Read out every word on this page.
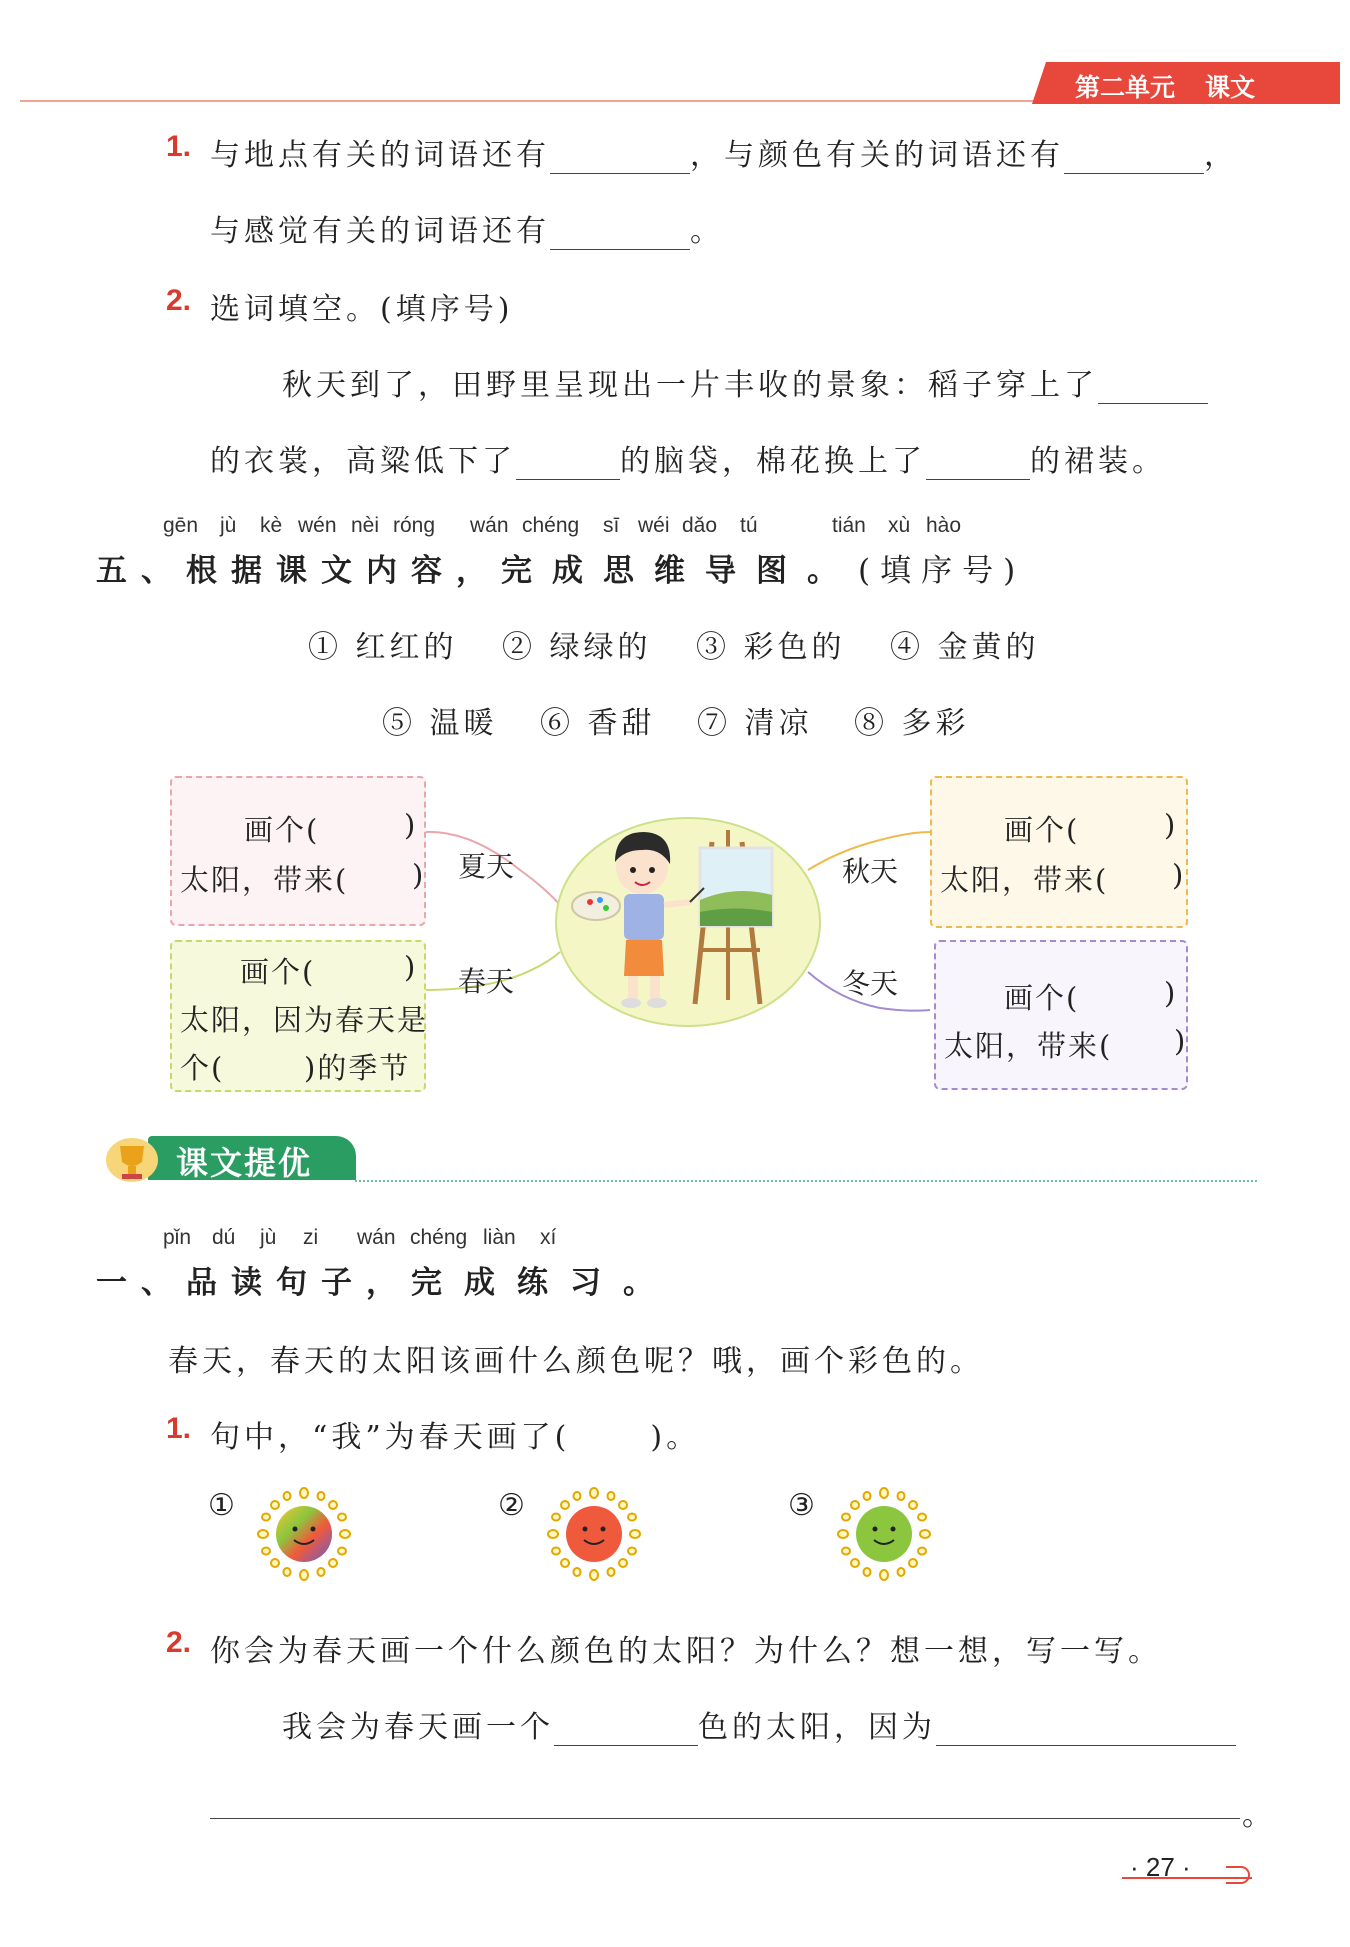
第二单元 课文
1. 与地点有关的词语还有	，与颜色有关的词语还有	，
与感觉有关的词语还有	。
2. 选词填空。(填序号)
秋天到了，田野里呈现出一片丰收的景象：稻子穿上了
的衣裳，高粱低下了	的脑袋，棉花换上了	的裙装。
gēn jù kè wén nèi róng wán chéng sī wéi dǎo tú	tián xù hào
五、根据课文内容，完成思维导图。(填序号)
① 红红的 ② 绿绿的 ③ 彩色的 ④ 金黄的
⑤ 温暖 ⑥ 香甜 ⑦ 清凉 ⑧ 多彩
画个(	)
太阳，带来( ) 夏天
画个(	)
太阳，因为春天是
个(	)的季节
春天
画个(	)
太阳，带来( )
秋天
画个(	)
太阳，带来( )
冬天
课文提优
pǐn dú jù zi wán chéng liàn xí
一、品读句子，完成练习。
春天，春天的太阳该画什么颜色呢？哦，画个彩色的。
1. 句中，“我”为春天画了(	)。
①	②	③
2. 你会为春天画一个什么颜色的太阳？为什么？想一想，写一写。
我会为春天画一个	色的太阳，因为
。
· 27 ·
